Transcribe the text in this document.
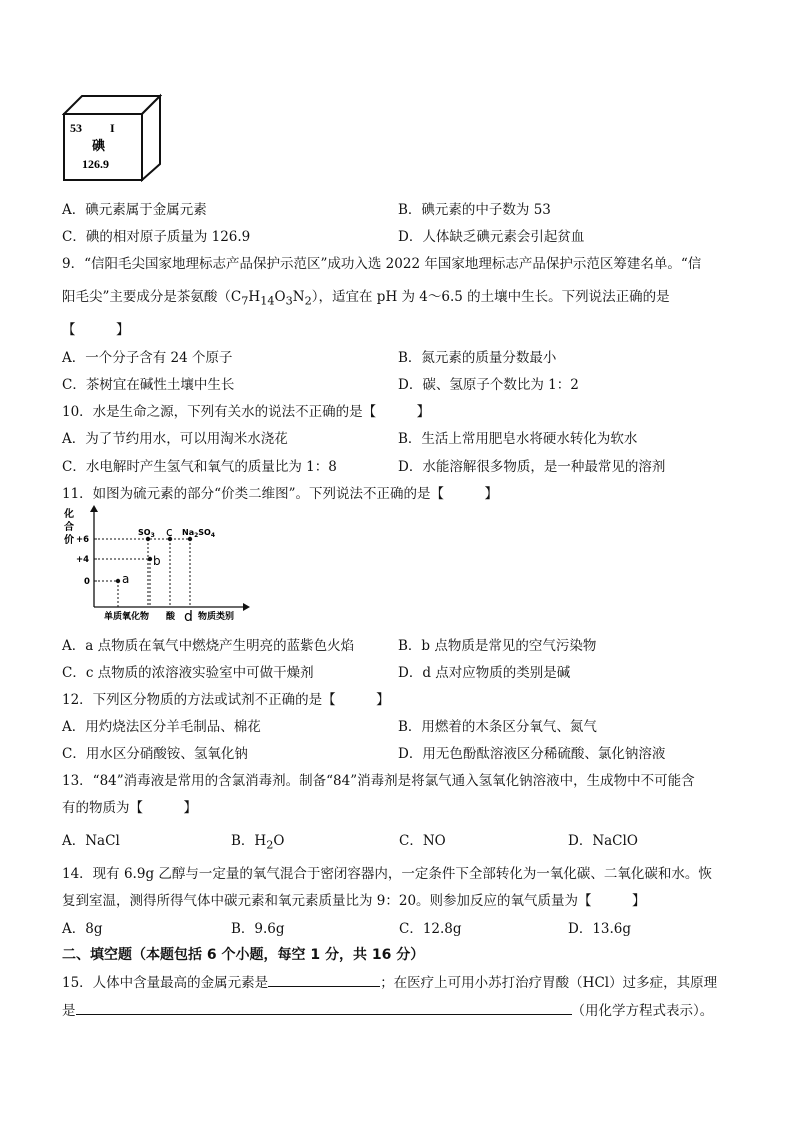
53 I
碘
126.9
A．碘元素属于金属元素	B．碘元素的中子数为 53
C．碘的相对原子质量为 126.9	D．人体缺乏碘元素会引起贫血
9．“信阳毛尖国家地理标志产品保护示范区”成功入选 2022 年国家地理标志产品保护示范区筹建名单。“信
阳毛尖”主要成分是茶氨酸$(C_7H_{14}O_3N_2)$，适宜在 pH 为 4～6.5 的土壤中生长。下列说法正确的是
【　　　】
A．一个分子含有 24 个原子	B．氮元素的质量分数最小
C．茶树宜在碱性土壤中生长	D．碳、氢原子个数比为 1：2
10．水是生命之源，下列有关水的说法不正确的是【　　　】
A．为了节约用水，可以用淘米水浇花	B．生活上常用肥皂水将硬水转化为软水
C．水电解时产生氢气和氧气的质量比为 1：8	D．水能溶解很多物质，是一种最常见的溶剂
11．如图为硫元素的部分“价类二维图”。下列说法不正确的是【　　　】
化
合
价
0
+4
+6
单质 氧化物 酸 d 物质类别
a
b
$SO_3$ c $Na_2SO_4$
A．a 点物质在氧气中燃烧产生明亮的蓝紫色火焰	B．b 点物质是常见的空气污染物
C．c 点物质的浓溶液实验室中可做干燥剂	D．d 点对应物质的类别是碱
12．下列区分物质的方法或试剂不正确的是【　　　】
A．用灼烧法区分羊毛制品、棉花	B．用燃着的木条区分氧气、氮气
C．用水区分硝酸铵、氢氧化钠	D．用无色酚酞溶液区分稀硫酸、氯化钠溶液
13．“84”消毒液是常用的含氯消毒剂。制备“84”消毒剂是将氯气通入氢氧化钠溶液中，生成物中不可能含
有的物质为【　　　】
A．NaCl	B．$H_2O$	C．NO	D．NaClO
14．现有 6.9g 乙醇与一定量的氧气混合于密闭容器内，一定条件下全部转化为一氧化碳、二氧化碳和水。恢
复到室温，测得所得气体中碳元素和氧元素质量比为 9：20。则参加反应的氧气质量为【　　　】
A．8g	B．9.6g	C．12.8g	D．13.6g
二、填空题（本题包括 6 个小题，每空 1 分，共 16 分）
15．人体中含量最高的金属元素是	；在医疗上可用小苏打治疗胃酸（HCl）过多症，其原理
是	（用化学方程式表示）。
